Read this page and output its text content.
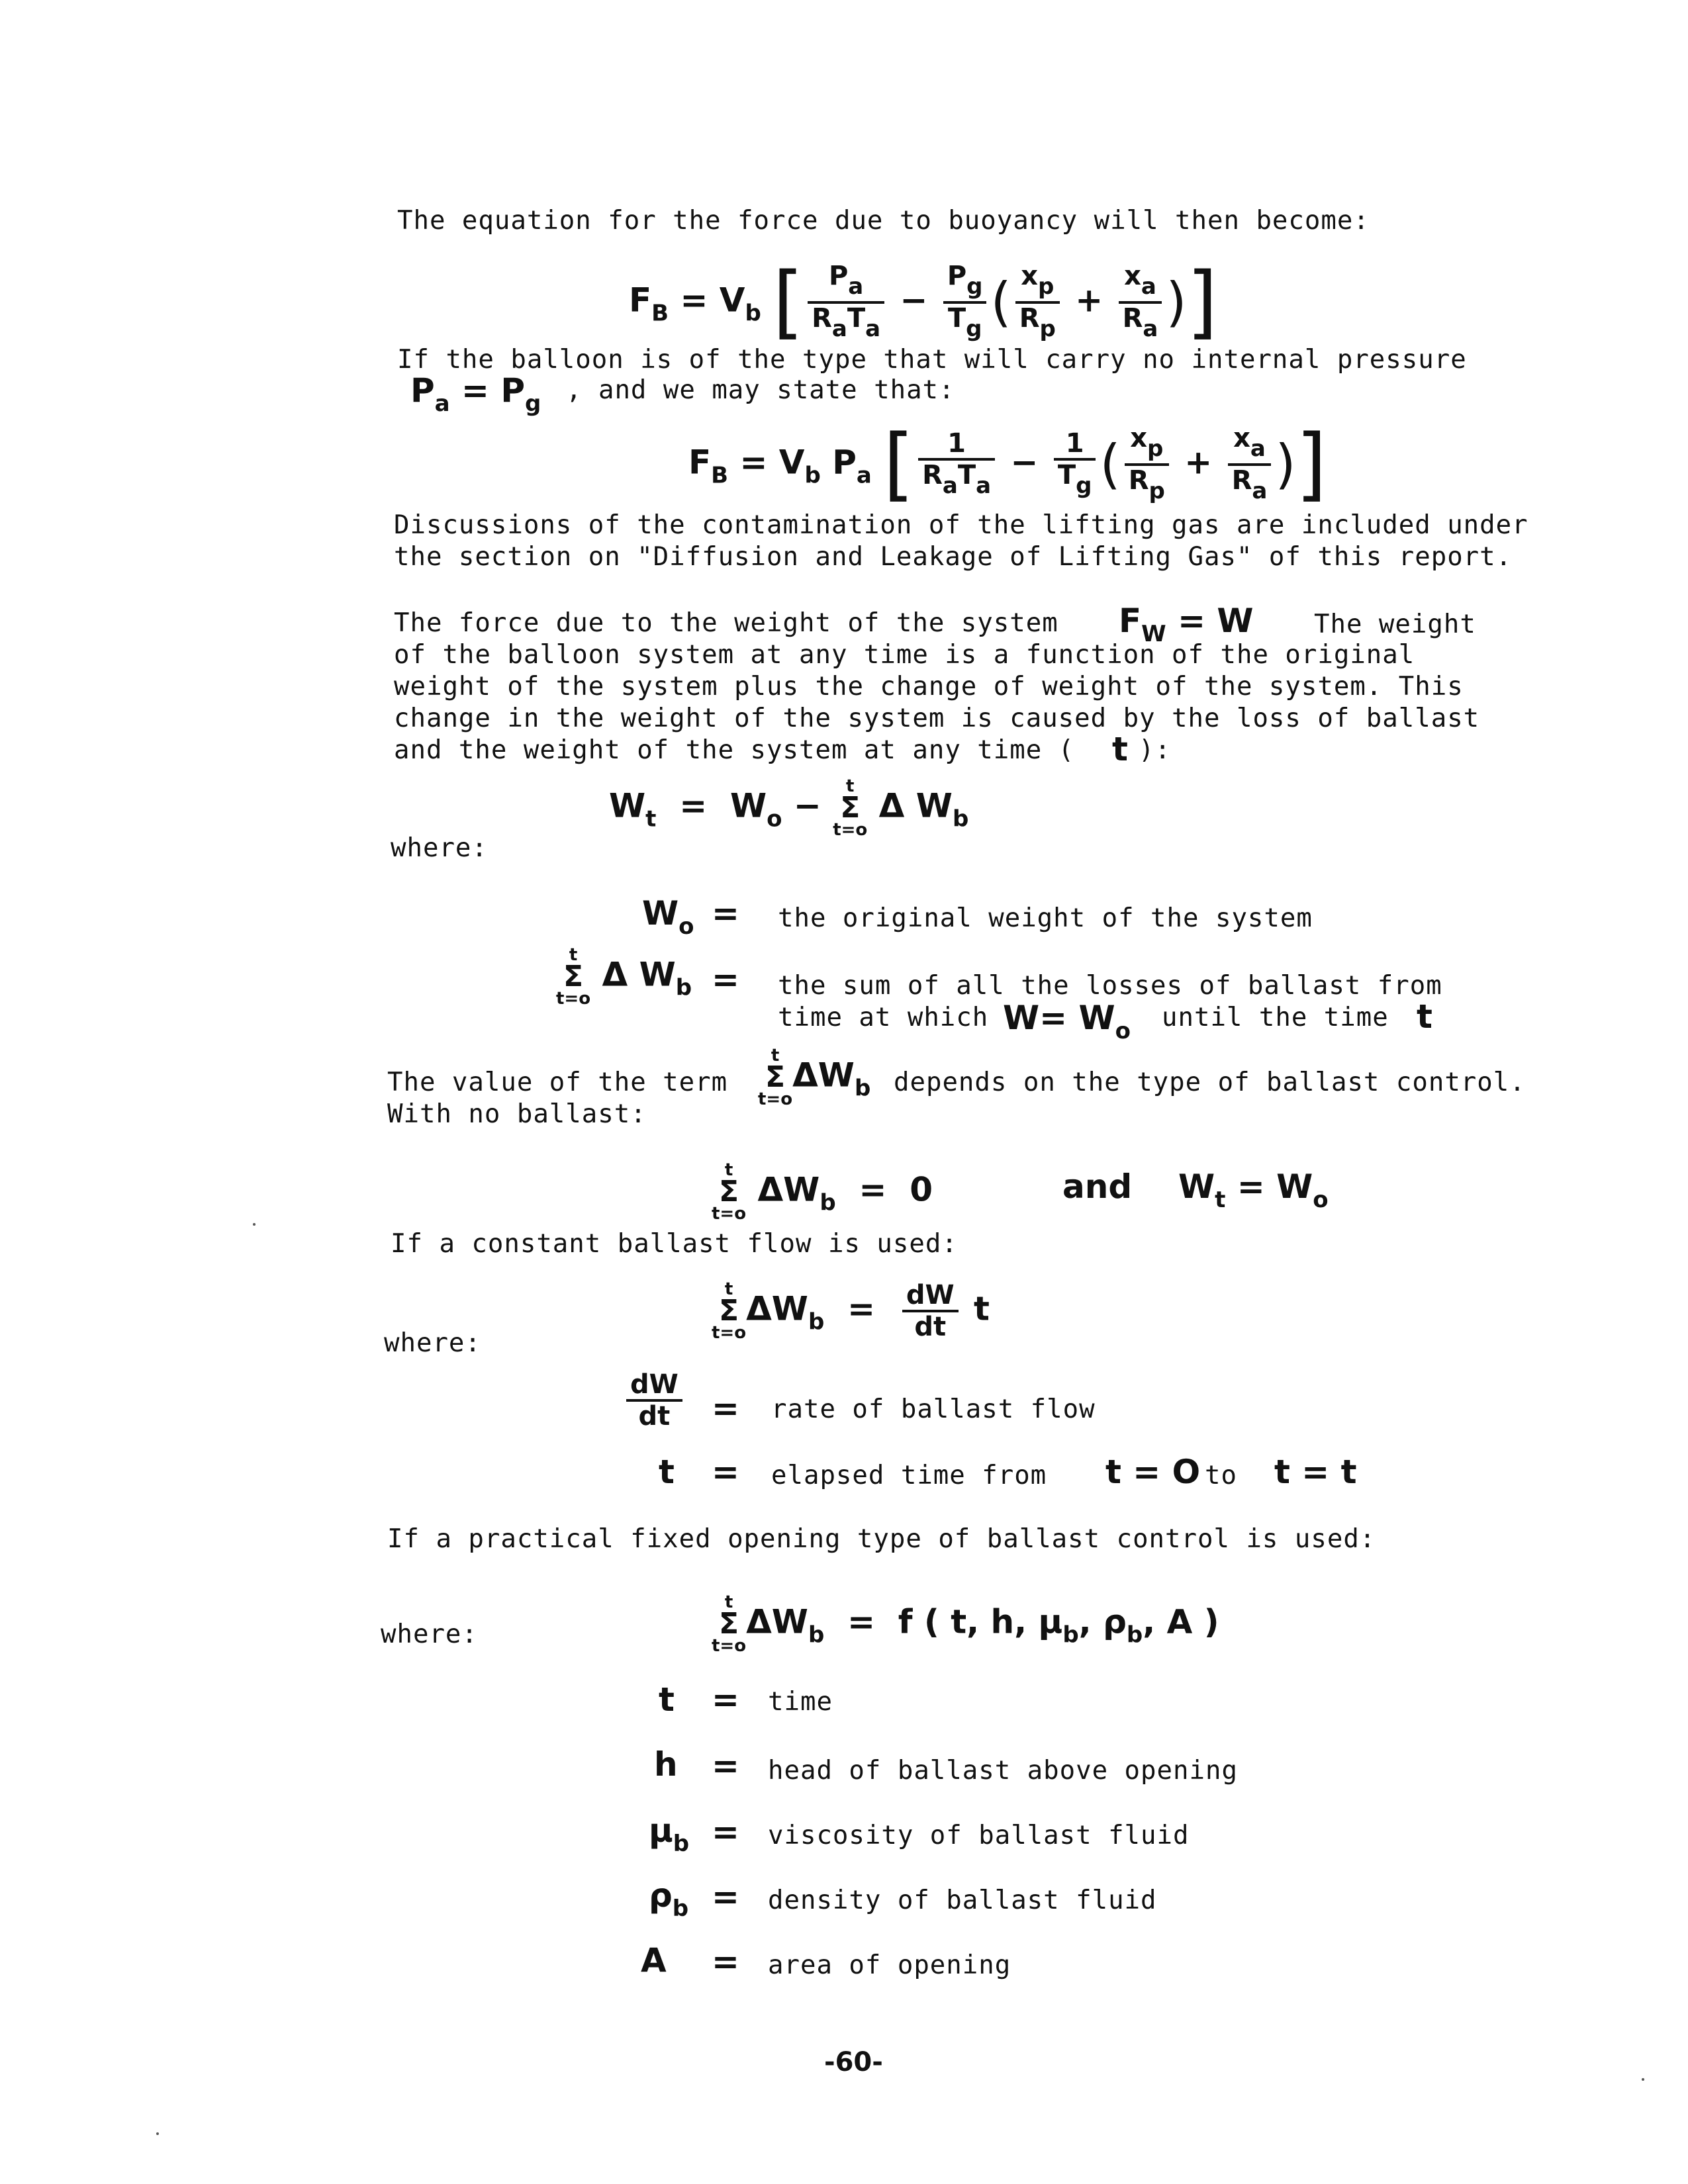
The equation for the force due to buoyancy will then become:
$F_B = V_b$ [ $\frac{P_a}{R_aT_a} - \frac{P_g}{T_g}$ ( $\frac{x_p}{R_p} + \frac{x_a}{R_a}$ )]
If the balloon is of the type that will carry no internal pressure
$P_a = P_g$ , and we may state that:
$F_B = V_b$ $P_a$ [ $\frac{1}{R_aT_a} - \frac{1}{T_g}$ ( $\frac{x_p}{R_p} + \frac{x_a}{R_a}$ )]
Discussions of the contamination of the lifting gas are included under
the section on "Diffusion and Leakage of Lifting Gas" of this report.
The force due to the weight of the system $F_W = W$ The weight
of the balloon system at any time is a function of the original
weight of the system plus the change of weight of the system. This
change in the weight of the system is caused by the loss of ballast
and the weight of the system at any time ( t ):
$W_t = W_o$ −
t
Σ
t=o
Δ $W_b$
where:
$W_o$ = the original weight of the system
t
Σ
t=o
Δ $W_b$ = the sum of all the losses of ballast from
time at which $W= W_o$ until the time t
The value of the term
t
Σ
t=o
$\Delta W_b$ depends on the type of ballast control.
With no ballast:
t
Σ
t=o
$\Delta W_b = 0$	and $W_t = W_o$
If a constant ballast flow is used:
t
Σ
t=o
$\Delta W_b = \frac{dW}{dt}$ t
where:
$\frac{dW}{dt}$ = rate of ballast flow
t = elapsed time from t = O to t = t
If a practical fixed opening type of ballast control is used:
t
Σ
t=o
$\Delta W_b = f$ ( t, h, $\mu_b$, $\rho_b$, A )
where:
t = time
h = head of ballast above opening
$\mu_b$ = viscosity of ballast fluid
$\rho_b$ = density of ballast fluid
A = area of opening
-60-
